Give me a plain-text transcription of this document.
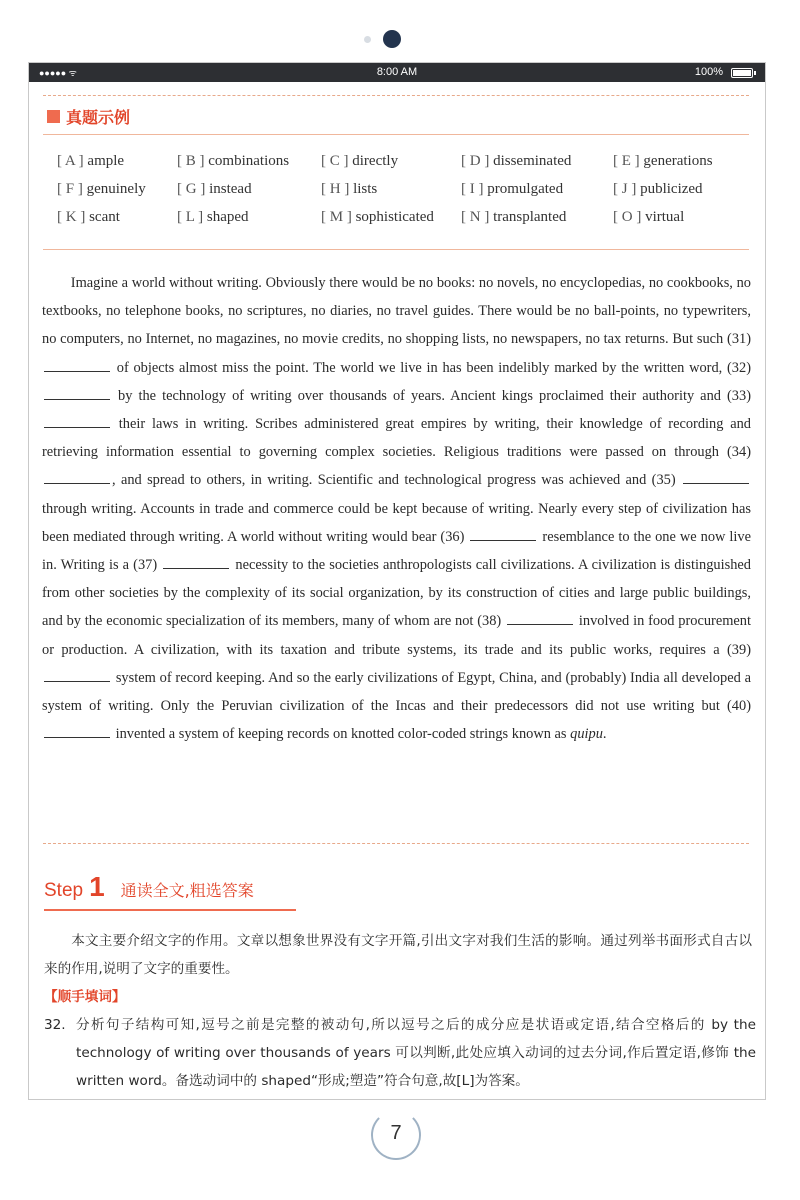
●●●●● ᯤ	8:00 AM	100%
真题示例
[ A ] ample	[ B ] combinations [ C ] directly	[ D ] disseminated	[ E ] generations
[ F ] genuinely [ G ] instead	[ H ] lists	[ I ] promulgated	[ J ] publicized
[ K ] scant	[ L ] shaped	[ M ] sophisticated [ N ] transplanted	[ O ] virtual

Imagine a world without writing. Obviously there would be no books: no novels, no encyclopedias, no cookbooks, no textbooks, no telephone books, no scriptures, no diaries, no travel guides. There would be no ball-points, no typewriters, no computers, no Internet, no magazines, no movie credits, no shopping lists, no newspapers, no tax returns. But such (31)  of objects almost miss the point. The world we live in has been indelibly marked by the written word, (32)  by the technology of writing over thousands of years. Ancient kings proclaimed their authority and (33)  their laws in writing. Scribes administered great empires by writing, their knowledge of recording and retrieving information essential to governing complex societies. Religious traditions were passed on through (34) , and spread to others, in writing. Scientific and technological progress was achieved and (35)  through writing. Accounts in trade and commerce could be kept because of writing. Nearly every step of civilization has been mediated through writing. A world without writing would bear (36)	resemblance to the one we now live in. Writing is a (37)	necessity to the societies anthropologists call civilizations. A civilization is distinguished from other societies by the complexity of its social organization, by its construction of cities and large public buildings, and by the economic specialization of its members, many of whom are not (38)	involved in food procurement or production. A civilization, with its taxation and tribute systems, its trade and its public works, requires a (39)  system of record keeping. And so the early civilizations of Egypt, China, and (probably) India all developed a system of writing. Only the Peruvian civilization of the Incas and their predecessors did not use writing but (40)  invented a system of keeping records on knotted color-coded strings known as quipu.

Step 1 通读全文,粗选答案
本文主要介绍文字的作用。文章以想象世界没有文字开篇,引出文字对我们生活的影响。通过列举书面形式自古以来的作用,说明了文字的重要性。
【顺手填词】
32. 分析句子结构可知,逗号之前是完整的被动句,所以逗号之后的成分应是状语或定语,结合空格后的 by the technology of writing over thousands of years 可以判断,此处应填入动词的过去分词,作后置定语,修饰 the written word。备选动词中的 shaped“形成;塑造”符合句意,故[L]为答案。
7
